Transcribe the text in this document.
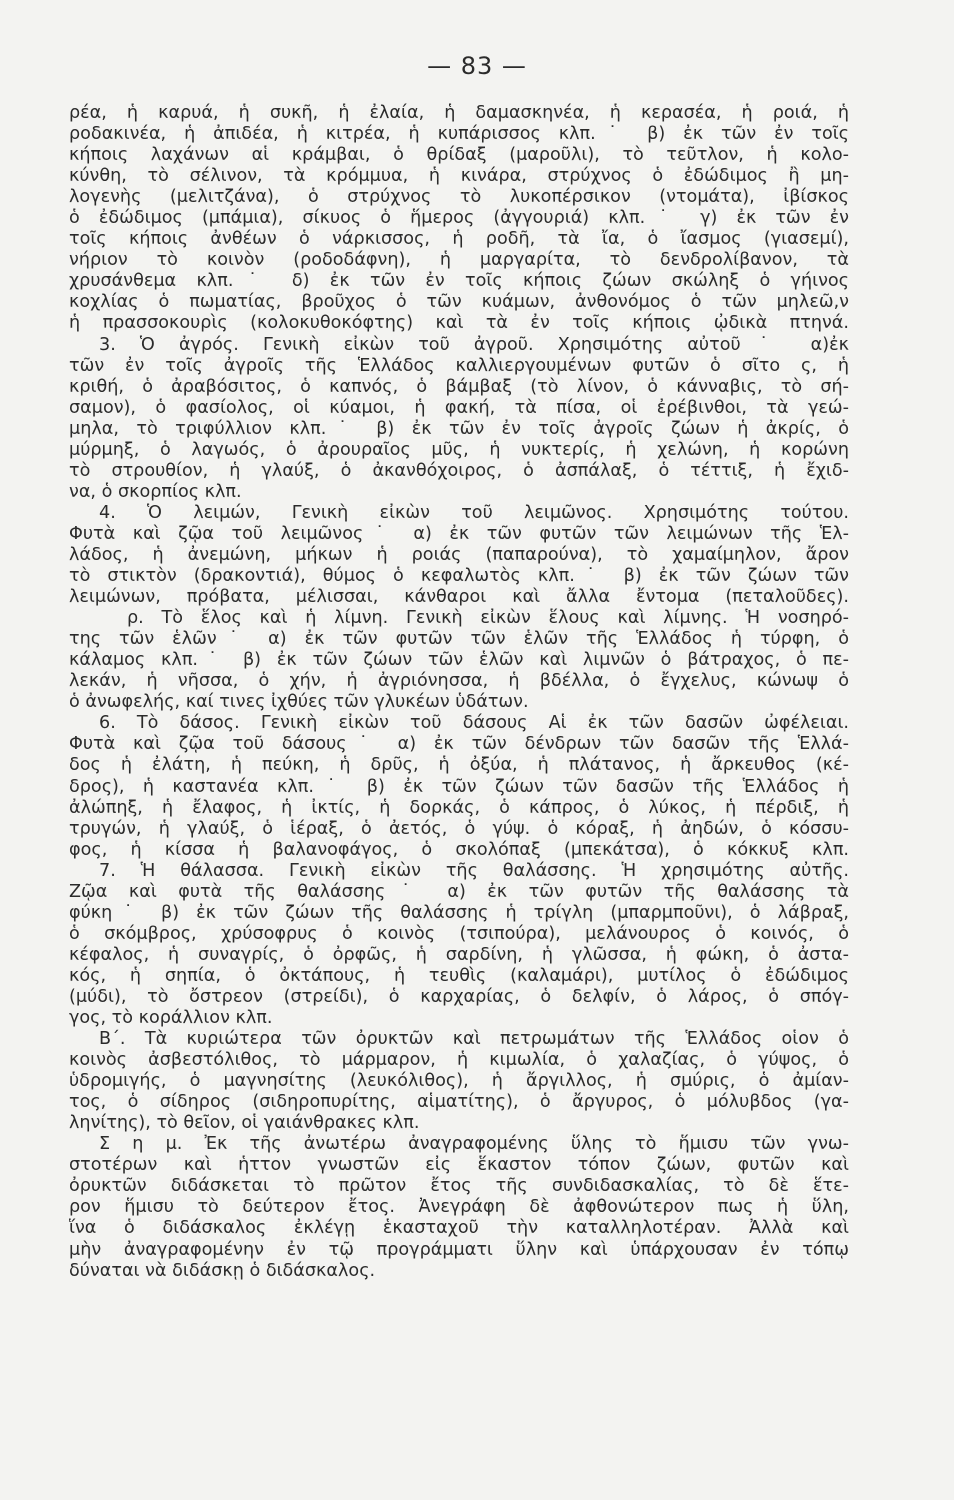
— 83 —
ρέα, ἡ καρυά, ἡ συκῆ, ἡ ἐλαία, ἡ δαμασκηνέα, ἡ κερασέα, ἡ ροιά, ἡ
ροδακινέα, ἡ ἀπιδέα, ἡ κιτρέα, ἡ κυπάρισσος κλπ.˙ β) ἐκ τῶν ἐν τοῖς
κήποις λαχάνων αἱ κράμβαι, ὁ θρίδαξ (μαροῦλι), τὸ τεῦτλον, ἡ κολο-
κύνθη, τὸ σέλινον, τὰ κρόμμυα, ἡ κινάρα, στρύχνος ὁ ἐδώδιμος ἢ μη-
λογενὴς (μελιτζάνα), ὁ στρύχνος τὸ λυκοπέρσικον (ντομάτα), ἰβίσκος
ὁ ἐδώδιμος (μπάμια), σίκυος ὁ ἥμερος (ἀγγουριά) κλπ.˙ γ) ἐκ τῶν ἐν
τοῖς κήποις ἀνθέων ὁ νάρκισσος, ἡ ροδῆ, τὰ ἴα, ὁ ἴασμος (γιασεμί),
νήριον τὸ κοινὸν (ροδοδάφνη), ἡ μαργαρίτα, τὸ δενδρολίβανον, τὰ
χρυσάνθεμα κλπ.˙ δ) ἐκ τῶν ἐν τοῖς κήποις ζώων σκώληξ ὁ γήινος
κοχλίας ὁ πωματίας, βροῦχος ὁ τῶν κυάμων, ἀνθονόμος ὁ τῶν μηλεῶ,ν
ἡ πρασσοκουρὶς (κολοκυθοκόφτης) καὶ τὰ ἐν τοῖς κήποις ᾠδικὰ πτηνά.
3. Ὁ ἀγρός. Γενικὴ εἰκὼν τοῦ ἀγροῦ. Χρησιμότης αὐτοῦ˙ α)ἐκ
τῶν ἐν τοῖς ἀγροῖς τῆς Ἑλλάδος καλλιεργουμένων φυτῶν ὁ σῖτο ς, ἡ
κριθή, ὁ ἀραβόσιτος, ὁ καπνός, ὁ βάμβαξ (τὸ λίνον, ὁ κάνναβις, τὸ σή-
σαμον), ὁ φασίολος, οἱ κύαμοι, ἡ φακή, τὰ πίσα, οἱ ἐρέβινθοι, τὰ γεώ-
μηλα, τὸ τριφύλλιον κλπ.˙ β) ἐκ τῶν ἐν τοῖς ἀγροῖς ζώων ἡ ἀκρίς, ὁ
μύρμηξ, ὁ λαγωός, ὁ ἀρουραῖος μῦς, ἡ νυκτερίς, ἡ χελώνη, ἡ κορώνη
τὸ στρουθίον, ἡ γλαύξ, ὁ ἀκανθόχοιρος, ὁ ἀσπάλαξ, ὁ τέττιξ, ἡ ἔχιδ-
να, ὁ σκορπίος κλπ.
4. Ὁ λειμών, Γενικὴ εἰκὼν τοῦ λειμῶνος. Χρησιμότης τούτου.
Φυτὰ καὶ ζῷα τοῦ λειμῶνος˙ α) ἐκ τῶν φυτῶν τῶν λειμώνων τῆς Ἑλ-
λάδος, ἡ ἀνεμώνη, μήκων ἡ ροιάς (παπαρούνα), τὸ χαμαίμηλον, ἄρον
τὸ στικτὸν (δρακοντιά), θύμος ὁ κεφαλωτὸς κλπ.˙ β) ἐκ τῶν ζώων τῶν
λειμώνων, πρόβατα, μέλισσαι, κάνθαροι καὶ ἄλλα ἔντομα (πεταλοῦδες).
ρ. Τὸ ἕλος καὶ ἡ λίμνη. Γενικὴ εἰκὼν ἕλους καὶ λίμνης. Ἡ νοσηρό-
της τῶν ἑλῶν˙ α) ἐκ τῶν φυτῶν τῶν ἑλῶν τῆς Ἑλλάδος ἡ τύρφη, ὁ
κάλαμος κλπ.˙ β) ἐκ τῶν ζώων τῶν ἑλῶν καὶ λιμνῶν ὁ βάτραχος, ὁ πε-
λεκάν, ἡ νῆσσα, ὁ χήν, ἡ ἀγριόνησσα, ἡ βδέλλα, ὁ ἔγχελυς, κώνωψ ὁ
ὁ ἀνωφελής, καί τινες ἰχθύες τῶν γλυκέων ὑδάτων.
6. Τὸ δάσος. Γενικὴ εἰκὼν τοῦ δάσους Αἱ ἐκ τῶν δασῶν ὠφέλειαι.
Φυτὰ καὶ ζῷα τοῦ δάσους˙ α) ἐκ τῶν δένδρων τῶν δασῶν τῆς Ἑλλά-
δος ἡ ἐλάτη, ἡ πεύκη, ἡ δρῦς, ἡ ὀξύα, ἡ πλάτανος, ἡ ἄρκευθος (κέ-
δρος), ἡ καστανέα κλπ.˙ β) ἐκ τῶν ζώων τῶν δασῶν τῆς Ἑλλάδος ἡ
ἀλώπηξ, ἡ ἔλαφος, ἡ ἰκτίς, ἡ δορκάς, ὁ κάπρος, ὁ λύκος, ἡ πέρδιξ, ἡ
τρυγών, ἡ γλαύξ, ὁ ἱέραξ, ὁ ἀετός, ὁ γύψ. ὁ κόραξ, ἡ ἀηδών, ὁ κόσσυ-
φος, ἡ κίσσα ἡ βαλανοφάγος, ὁ σκολόπαξ (μπεκάτσα), ὁ κόκκυξ κλπ.
7. Ἡ θάλασσα. Γενικὴ εἰκὼν τῆς θαλάσσης. Ἡ χρησιμότης αὐτῆς.
Ζῷα καὶ φυτὰ τῆς θαλάσσης˙ α) ἐκ τῶν φυτῶν τῆς θαλάσσης τὰ
φύκη˙ β) ἐκ τῶν ζώων τῆς θαλάσσης ἡ τρίγλη (μπαρμποῦνι), ὁ λάβραξ,
ὁ σκόμβρος, χρύσοφρυς ὁ κοινὸς (τσιπούρα), μελάνουρος ὁ κοινός, ὁ
κέφαλος, ἡ συναγρίς, ὁ ὀρφῶς, ἡ σαρδίνη, ἡ γλῶσσα, ἡ φώκη, ὁ ἀστα-
κός, ἡ σηπία, ὁ ὀκτάπους, ἡ τευθὶς (καλαμάρι), μυτίλος ὁ ἐδώδιμος
(μύδι), τὸ ὄστρεον (στρείδι), ὁ καρχαρίας, ὁ δελφίν, ὁ λάρος, ὁ σπόγ-
γος, τὸ κοράλλιον κλπ.
Β΄. Τὰ κυριώτερα τῶν ὀρυκτῶν καὶ πετρωμάτων τῆς Ἑλλάδος οἷον ὁ
κοινὸς ἀσβεστόλιθος, τὸ μάρμαρον, ἡ κιμωλία, ὁ χαλαζίας, ὁ γύψος, ὁ
ὑδρομιγής, ὁ μαγνησίτης (λευκόλιθος), ἡ ἄργιλλος, ἡ σμύρις, ὁ ἀμίαν-
τος, ὁ σίδηρος (σιδηροπυρίτης, αἱματίτης), ὁ ἄργυρος, ὁ μόλυβδος (γα-
ληνίτης), τὸ θεῖον, οἱ γαιάνθρακες κλπ.
Σ η μ. Ἐκ τῆς ἀνωτέρω ἀναγραφομένης ὕλης τὸ ἥμισυ τῶν γνω-
στοτέρων καὶ ἧττον γνωστῶν εἰς ἕκαστον τόπον ζώων, φυτῶν καὶ
ὀρυκτῶν διδάσκεται τὸ πρῶτον ἔτος τῆς συνδιδασκαλίας, τὸ δὲ ἕτε-
ρον ἥμισυ τὸ δεύτερον ἔτος. Ἀνεγράφη δὲ ἀφθονώτερον πως ἡ ὕλη,
ἵνα ὁ διδάσκαλος ἐκλέγῃ ἑκασταχοῦ τὴν καταλληλοτέραν. Ἀλλὰ καὶ
μὴν ἀναγραφομένην ἐν τῷ προγράμματι ὕλην καὶ ὑπάρχουσαν ἐν τόπῳ
δύναται νὰ διδάσκῃ ὁ διδάσκαλος.
